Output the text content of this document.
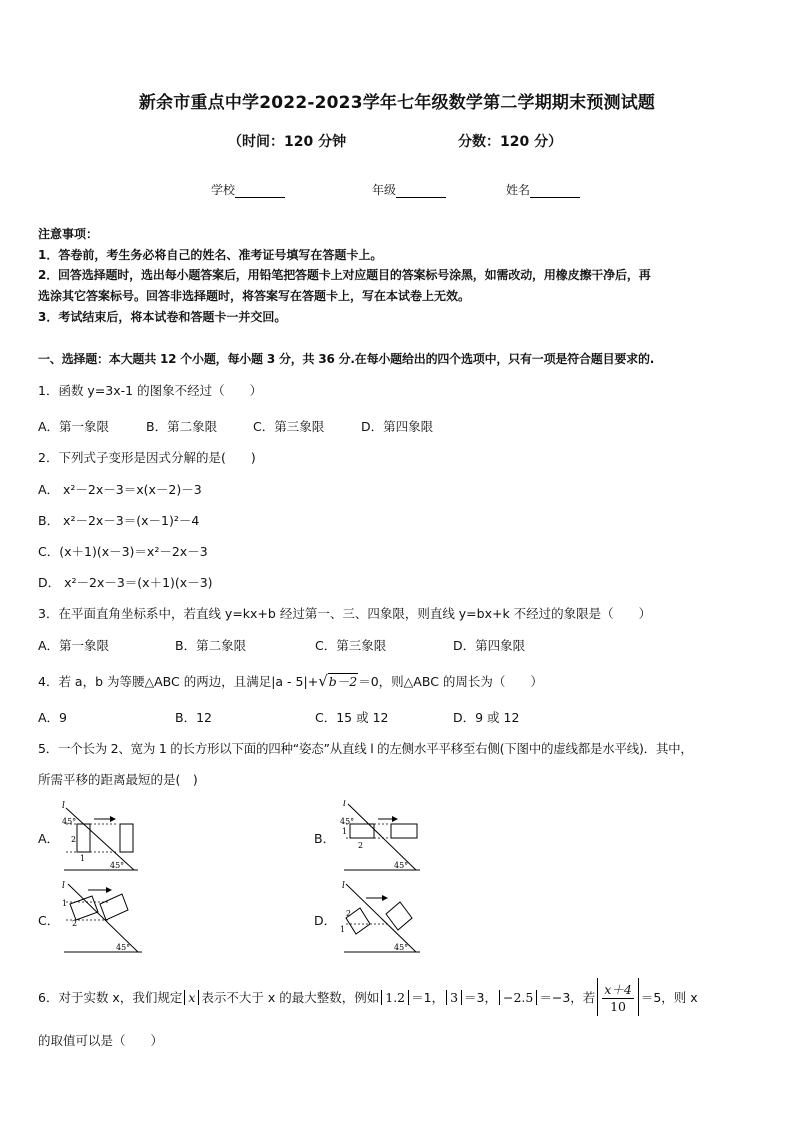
新余市重点中学2022-2023学年七年级数学第二学期期末预测试题
（时间：120 分钟	分数：120 分）
学校	年级	姓名
注意事项：
1．答卷前，考生务必将自己的姓名、准考证号填写在答题卡上。
2．回答选择题时，选出每小题答案后，用铅笔把答题卡上对应题目的答案标号涂黑，如需改动，用橡皮擦干净后，再
选涂其它答案标号。回答非选择题时，将答案写在答题卡上，写在本试卷上无效。
3．考试结束后，将本试卷和答题卡一并交回。
一、选择题：本大题共 12 个小题，每小题 3 分，共 36 分.在每小题给出的四个选项中，只有一项是符合题目要求的.
1．函数 y=3x-1 的图象不经过（　　）
A．第一象限	B．第二象限	C．第三象限	D．第四象限
2．下列式子变形是因式分解的是(　　)
A． x²－2x－3＝x(x－2)－3
B． x²－2x－3＝(x－1)²－4
C．(x＋1)(x－3)＝x²－2x－3
D． x²－2x－3＝(x＋1)(x－3)
3．在平面直角坐标系中，若直线 y=kx+b 经过第一、三、四象限，则直线 y=bx+k 不经过的象限是（　　）
A．第一象限	B．第二象限	C．第三象限	D．第四象限
4．若 a，b 为等腰△ABC 的两边，且满足|a - 5|+√b－2＝0，则△ABC 的周长为（　　）
A．9	B．12	C．15 或 12	D．9 或 12
5．一个长为 2、宽为 1 的长方形以下面的四种“姿态”从直线 l 的左侧水平平移至右侧(下图中的虚线都是水平线)．其中，
所需平移的距离最短的是(　)
A．	B．
C．	D．
l
45°
2
1
45°
l
45°
1
2
45°
l
1
2
45°
l
2
1
45°
6．对于实数 x，我们规定 x 表示不大于 x 的最大整数，例如 1.2 ＝1， 3 ＝3， −2.5 ＝−3，若 $\frac{x+4}{10} =5$，则 x
的取值可以是（　　）
